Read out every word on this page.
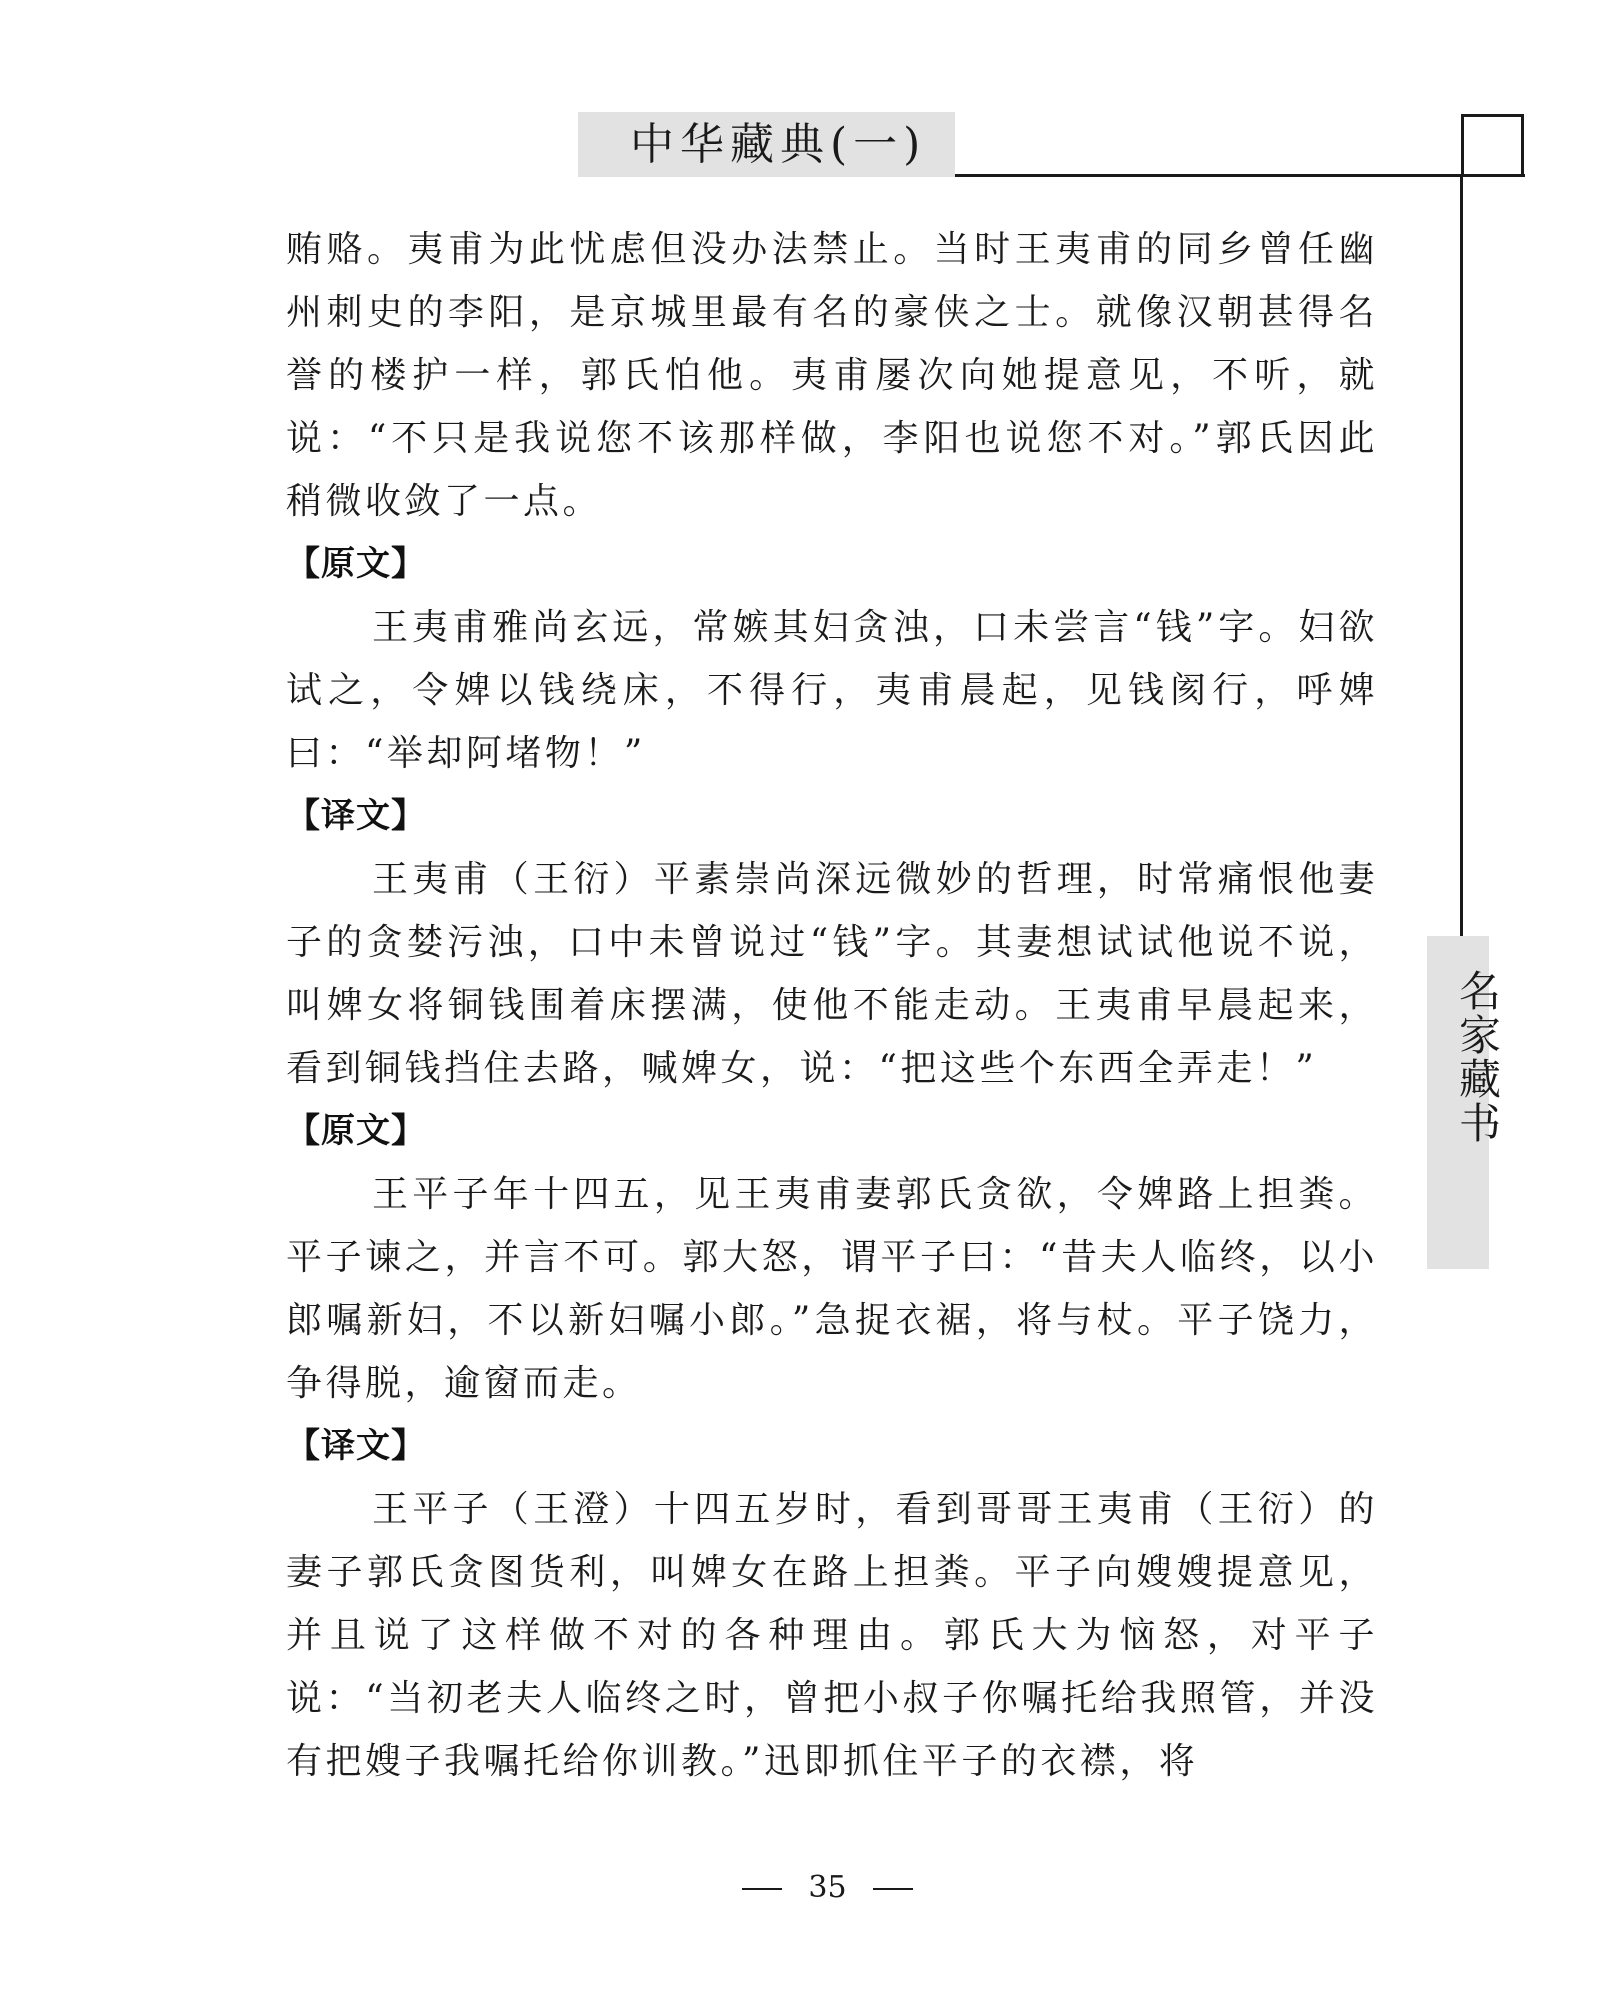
中华藏典(一)
名家藏书

贿赂。夷甫为此忧虑但没办法禁止。当时王夷甫的同乡曾任幽州刺史的李阳，是京城里最有名的豪侠之士。就像汉朝甚得名誉的楼护一样，郭氏怕他。夷甫屡次向她提意见，不听，就说：“不只是我说您不该那样做，李阳也说您不对。”郭氏因此稍微收敛了一点。

【原文】

王夷甫雅尚玄远，常嫉其妇贪浊，口未尝言“钱”字。妇欲试之，令婢以钱绕床，不得行，夷甫晨起，见钱阂行，呼婢曰：“举却阿堵物！”

【译文】

王夷甫（王衍）平素崇尚深远微妙的哲理，时常痛恨他妻子的贪婪污浊，口中未曾说过“钱”字。其妻想试试他说不说，叫婢女将铜钱围着床摆满，使他不能走动。王夷甫早晨起来，看到铜钱挡住去路，喊婢女，说：“把这些个东西全弄走！”

【原文】

王平子年十四五，见王夷甫妻郭氏贪欲，令婢路上担粪。平子谏之，并言不可。郭大怒，谓平子曰：“昔夫人临终，以小郎嘱新妇，不以新妇嘱小郎。”急捉衣裾，将与杖。平子饶力，争得脱，逾窗而走。

【译文】

王平子（王澄）十四五岁时，看到哥哥王夷甫（王衍）的妻子郭氏贪图货利，叫婢女在路上担粪。平子向嫂嫂提意见，并且说了这样做不对的各种理由。郭氏大为恼怒，对平子说：“当初老夫人临终之时，曾把小叔子你嘱托给我照管，并没有把嫂子我嘱托给你训教。”迅即抓住平子的衣襟，将

35
